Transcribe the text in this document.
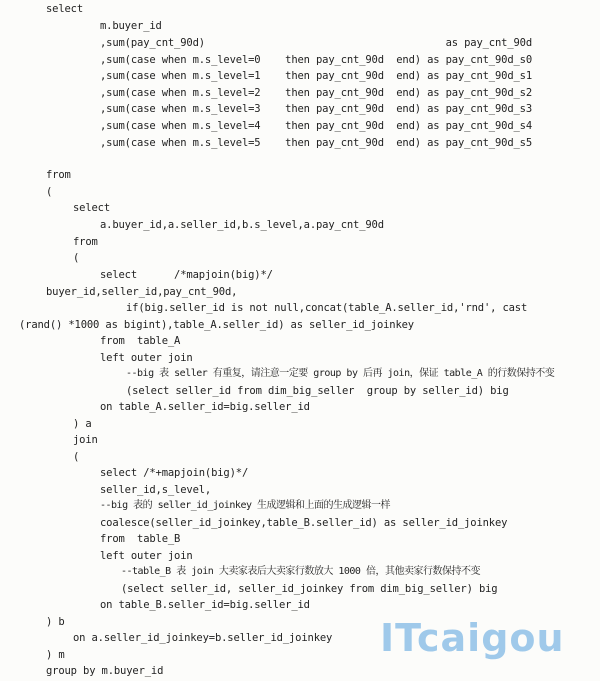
select
m.buyer_id
,sum(pay_cnt_90d)                                       as pay_cnt_90d
,sum(case when m.s_level=0    then pay_cnt_90d  end) as pay_cnt_90d_s0
,sum(case when m.s_level=1    then pay_cnt_90d  end) as pay_cnt_90d_s1
,sum(case when m.s_level=2    then pay_cnt_90d  end) as pay_cnt_90d_s2
,sum(case when m.s_level=3    then pay_cnt_90d  end) as pay_cnt_90d_s3
,sum(case when m.s_level=4    then pay_cnt_90d  end) as pay_cnt_90d_s4
,sum(case when m.s_level=5    then pay_cnt_90d  end) as pay_cnt_90d_s5
from
(
select
a.buyer_id,a.seller_id,b.s_level,a.pay_cnt_90d
from
(
select      /*mapjoin(big)*/
buyer_id,seller_id,pay_cnt_90d,
if(big.seller_id is not null,concat(table_A.seller_id,'rnd', cast
(rand() *1000 as bigint),table_A.seller_id) as seller_id_joinkey
from  table_A
left outer join
--big 表 seller 有重复，请注意一定要 group by 后再 join，保证 table_A 的行数保持不变
(select seller_id from dim_big_seller  group by seller_id) big
on table_A.seller_id=big.seller_id
) a
join
(
select /*+mapjoin(big)*/
seller_id,s_level,
--big 表的 seller_id_joinkey 生成逻辑和上面的生成逻辑一样
coalesce(seller_id_joinkey,table_B.seller_id) as seller_id_joinkey
from  table_B
left outer join
--table_B 表 join 大卖家表后大卖家行数放大 1000 倍，其他卖家行数保持不变
(select seller_id, seller_id_joinkey from dim_big_seller) big
on table_B.seller_id=big.seller_id
) b
on a.seller_id_joinkey=b.seller_id_joinkey
) m
group by m.buyer_id
ITcaigou
